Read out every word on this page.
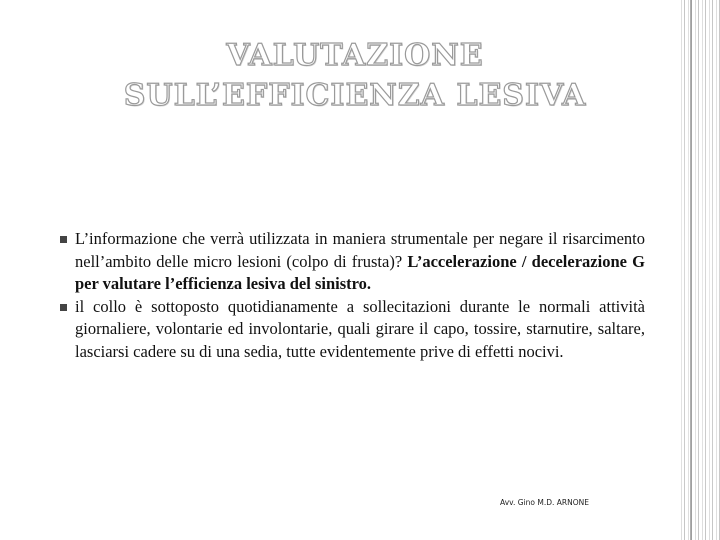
VALUTAZIONE
SULL’EFFICIENZA LESIVA
L’informazione che verrà utilizzata in maniera strumentale per negare il risarcimento nell’ambito delle micro lesioni (colpo di frusta)? L’accelerazione / decelerazione G per valutare l’efficienza lesiva del sinistro.
il collo è sottoposto quotidianamente a sollecitazioni durante le normali attività giornaliere, volontarie ed involontarie, quali girare il capo, tossire, starnutire, saltare, lasciarsi cadere su di una sedia, tutte evidentemente prive di effetti nocivi.
Avv. Gino M.D. ARNONE
